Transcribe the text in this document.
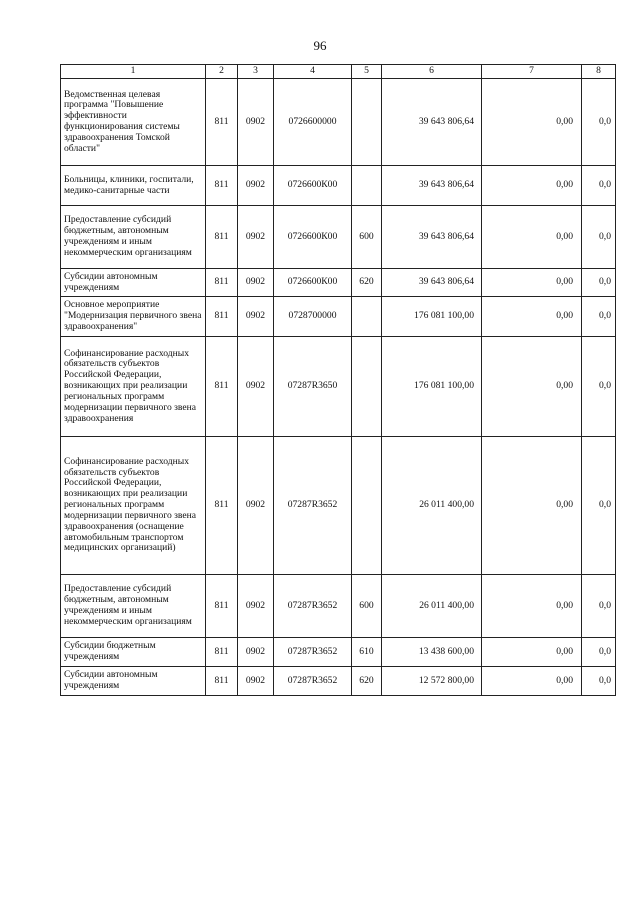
96
1	2	3	4	5	6	7	8
Ведомственная целевая программа "Повышение эффективности функционирования системы здравоохранения Томской области"	811	0902	0726600000		39 643 806,64	0,00	0,0
Больницы, клиники, госпитали, медико-санитарные части	811	0902	0726600К00		39 643 806,64	0,00	0,0
Предоставление субсидий бюджетным, автономным учреждениям и иным некоммерческим организациям	811	0902	0726600К00	600	39 643 806,64	0,00	0,0
Субсидии автономным учреждениям	811	0902	0726600К00	620	39 643 806,64	0,00	0,0
Основное мероприятие "Модернизация первичного звена здравоохранения"	811	0902	0728700000		176 081 100,00	0,00	0,0
Софинансирование расходных обязательств субъектов Российской Федерации, возникающих при реализации региональных программ модернизации первичного звена здравоохранения	811	0902	07287R3650		176 081 100,00	0,00	0,0
Софинансирование расходных обязательств субъектов Российской Федерации, возникающих при реализации региональных программ модернизации первичного звена здравоохранения (оснащение автомобильным транспортом медицинских организаций)	811	0902	07287R3652		26 011 400,00	0,00	0,0
Предоставление субсидий бюджетным, автономным учреждениям и иным некоммерческим организациям	811	0902	07287R3652	600	26 011 400,00	0,00	0,0
Субсидии бюджетным учреждениям	811	0902	07287R3652	610	13 438 600,00	0,00	0,0
Субсидии автономным учреждениям	811	0902	07287R3652	620	12 572 800,00	0,00	0,0
